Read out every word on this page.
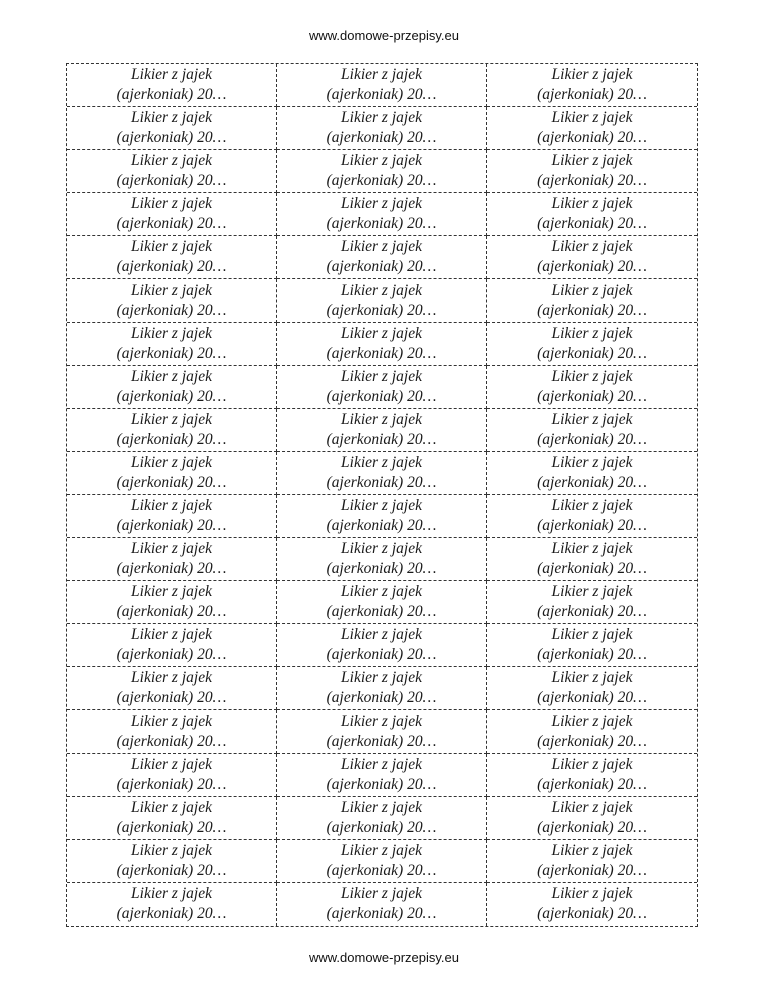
www.domowe-przepisy.eu
Likier z jajek
(ajerkoniak) 20…
Likier z jajek
(ajerkoniak) 20…
Likier z jajek
(ajerkoniak) 20…
Likier z jajek
(ajerkoniak) 20…
Likier z jajek
(ajerkoniak) 20…
Likier z jajek
(ajerkoniak) 20…
Likier z jajek
(ajerkoniak) 20…
Likier z jajek
(ajerkoniak) 20…
Likier z jajek
(ajerkoniak) 20…
Likier z jajek
(ajerkoniak) 20…
Likier z jajek
(ajerkoniak) 20…
Likier z jajek
(ajerkoniak) 20…
Likier z jajek
(ajerkoniak) 20…
Likier z jajek
(ajerkoniak) 20…
Likier z jajek
(ajerkoniak) 20…
Likier z jajek
(ajerkoniak) 20…
Likier z jajek
(ajerkoniak) 20…
Likier z jajek
(ajerkoniak) 20…
Likier z jajek
(ajerkoniak) 20…
Likier z jajek
(ajerkoniak) 20…
Likier z jajek
(ajerkoniak) 20…
Likier z jajek
(ajerkoniak) 20…
Likier z jajek
(ajerkoniak) 20…
Likier z jajek
(ajerkoniak) 20…
Likier z jajek
(ajerkoniak) 20…
Likier z jajek
(ajerkoniak) 20…
Likier z jajek
(ajerkoniak) 20…
Likier z jajek
(ajerkoniak) 20…
Likier z jajek
(ajerkoniak) 20…
Likier z jajek
(ajerkoniak) 20…
Likier z jajek
(ajerkoniak) 20…
Likier z jajek
(ajerkoniak) 20…
Likier z jajek
(ajerkoniak) 20…
Likier z jajek
(ajerkoniak) 20…
Likier z jajek
(ajerkoniak) 20…
Likier z jajek
(ajerkoniak) 20…
Likier z jajek
(ajerkoniak) 20…
Likier z jajek
(ajerkoniak) 20…
Likier z jajek
(ajerkoniak) 20…
Likier z jajek
(ajerkoniak) 20…
Likier z jajek
(ajerkoniak) 20…
Likier z jajek
(ajerkoniak) 20…
Likier z jajek
(ajerkoniak) 20…
Likier z jajek
(ajerkoniak) 20…
Likier z jajek
(ajerkoniak) 20…
Likier z jajek
(ajerkoniak) 20…
Likier z jajek
(ajerkoniak) 20…
Likier z jajek
(ajerkoniak) 20…
Likier z jajek
(ajerkoniak) 20…
Likier z jajek
(ajerkoniak) 20…
Likier z jajek
(ajerkoniak) 20…
Likier z jajek
(ajerkoniak) 20…
Likier z jajek
(ajerkoniak) 20…
Likier z jajek
(ajerkoniak) 20…
Likier z jajek
(ajerkoniak) 20…
Likier z jajek
(ajerkoniak) 20…
Likier z jajek
(ajerkoniak) 20…
Likier z jajek
(ajerkoniak) 20…
Likier z jajek
(ajerkoniak) 20…
Likier z jajek
(ajerkoniak) 20…
www.domowe-przepisy.eu
